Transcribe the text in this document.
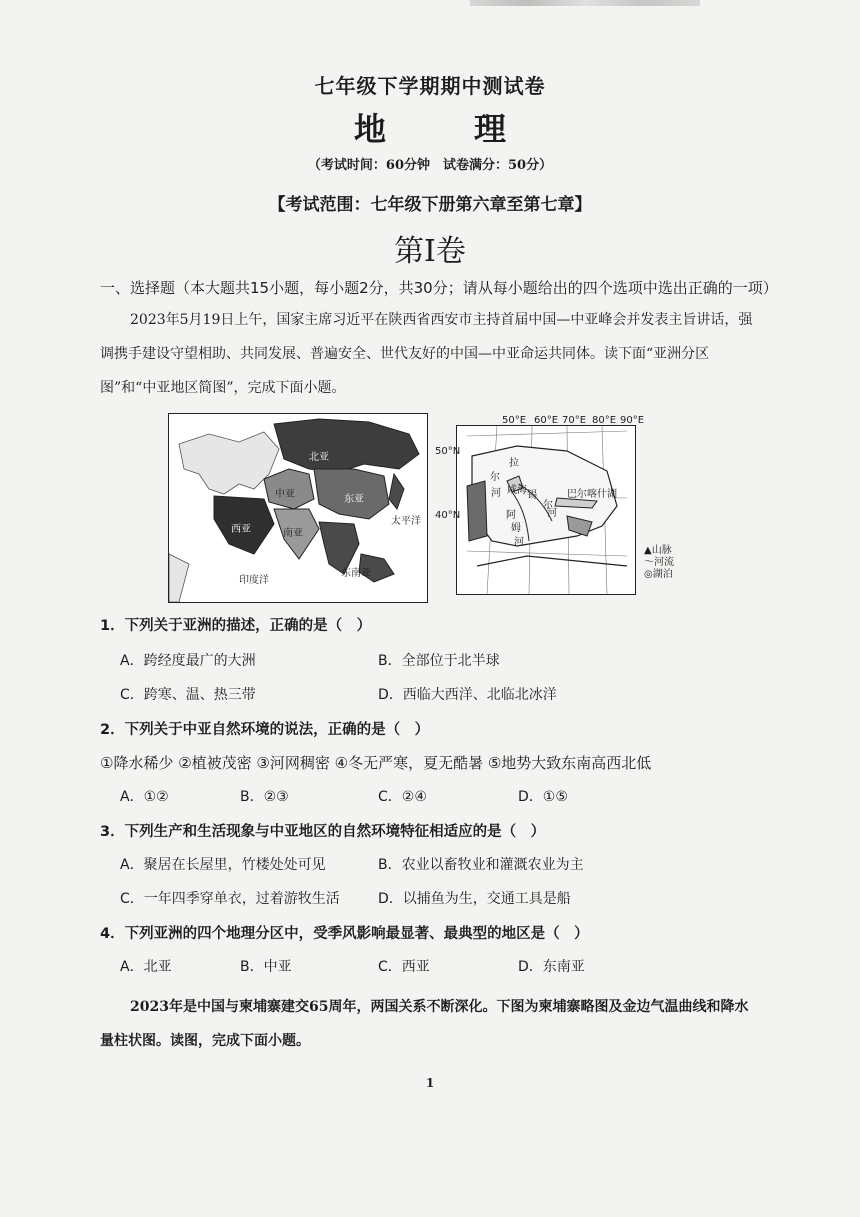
七年级下学期期中测试卷
地　理
（考试时间：60分钟　试卷满分：50分）
【考试范围：七年级下册第六章至第七章】
第I卷
一、选择题（本大题共15小题，每小题2分，共30分；请从每小题给出的四个选项中选出正确的一项）
2023年5月19日上午，国家主席习近平在陕西省西安市主持首届中国—中亚峰会并发表主旨讲话，强调携手建设守望相助、共同发展、普遍安全、世代友好的中国—中亚命运共同体。读下面“亚洲分区图”和“中亚地区简图”，完成下面小题。
北亚
中亚
西亚
东亚
南亚
东南亚
太平洋
印度洋
拉
尔
咸海 锡
尔
河	巴尔喀什湖
阿
姆
河
河
50°E 60°E 70°E 80°E 90°E
50°N
40°N
▲山脉
〜河流
◎湖泊
1．下列关于亚洲的描述，正确的是（　）
A．跨经度最广的大洲	B．全部位于北半球
C．跨寒、温、热三带	D．西临大西洋、北临北冰洋
2．下列关于中亚自然环境的说法，正确的是（　）
①降水稀少 ②植被茂密 ③河网稠密 ④冬无严寒，夏无酷暑 ⑤地势大致东南高西北低
A．①②	B．②③	C．②④	D．①⑤
3．下列生产和生活现象与中亚地区的自然环境特征相适应的是（　）
A．聚居在长屋里，竹楼处处可见	B．农业以畜牧业和灌溉农业为主
C．一年四季穿单衣，过着游牧生活	D．以捕鱼为生，交通工具是船
4．下列亚洲的四个地理分区中，受季风影响最显著、最典型的地区是（　）
A．北亚	B．中亚	C．西亚	D．东南亚
2023年是中国与柬埔寨建交65周年，两国关系不断深化。下图为柬埔寨略图及金边气温曲线和降水量柱状图。读图，完成下面小题。
1
